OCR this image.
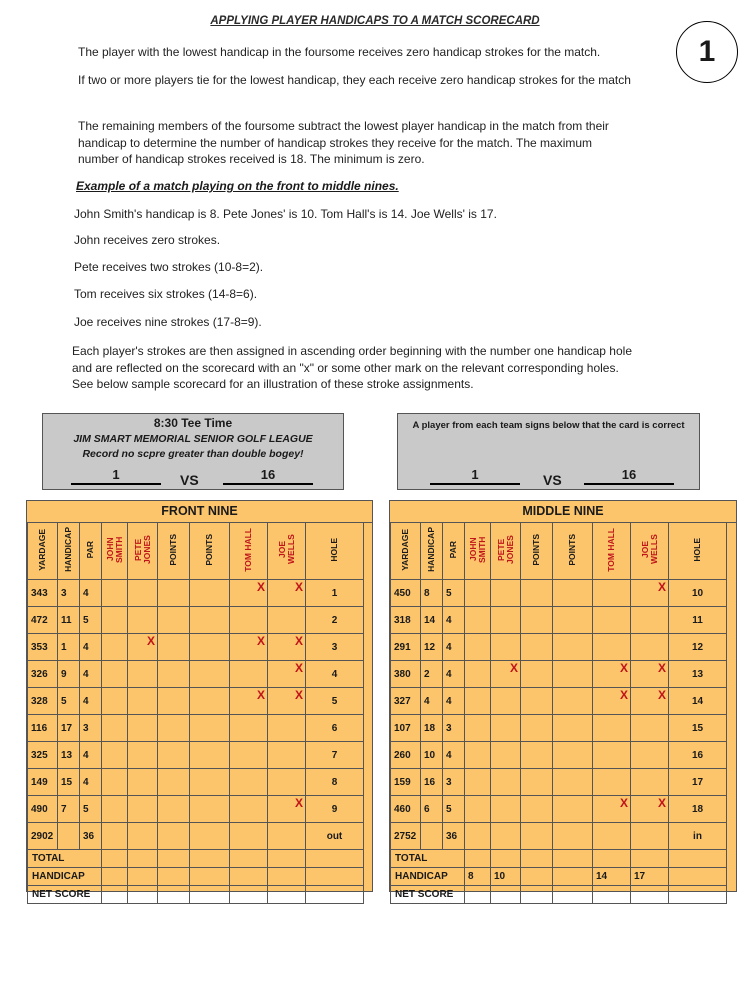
APPLYING PLAYER HANDICAPS TO A MATCH SCORECARD
1
The player with the lowest handicap in the foursome receives zero handicap strokes for the match.
If two or more players tie for the lowest handicap, they each receive zero handicap strokes for the match
The remaining members of the foursome subtract the lowest player handicap in the match from their handicap to determine the number of handicap strokes they receive for the match. The maximum number of handicap strokes received is 18. The minimum is zero.
Example of a match playing on the front to middle nines.
John Smith's handicap is 8. Pete Jones' is 10. Tom Hall's is 14. Joe Wells' is 17.
John receives zero strokes.
Pete receives two strokes (10-8=2).
Tom receives six strokes (14-8=6).
Joe receives nine strokes (17-8=9).
Each player's strokes are then assigned in ascending order beginning with the number one handicap hole and are reflected on the scorecard with an "x" or some other mark on the relevant corresponding holes. See below sample scorecard for an illustration of these stroke assignments.
8:30 Tee Time
JIM SMART MEMORIAL SENIOR GOLF LEAGUE
Record no scpre greater than double bogey!
1	VS	16
A player from each team signs below that the card is correct
1	VS	16
FRONT NINE
YARDAGE	HANDICAP	PAR	JOHN SMITH	PETE JONES	POINTS	POINTS	TOM HALL	JOE WELLS	HOLE

343	3	4					X	X	1
472	11	5							2
353	1	4		X			X	X	3
326	9	4						X	4
328	5	4					X	X	5
116	17	3							6
325	13	4							7
149	15	4							8
490	7	5						X	9
2902		36							out
TOTAL									
HANDICAP									
NET SCORE									
MIDDLE NINE
YARDAGE	HANDICAP	PAR	JOHN SMITH	PETE JONES	POINTS	POINTS	TOM HALL	JOE WELLS	HOLE

450	8	5						X	10
318	14	4							11
291	12	4							12
380	2	4		X			X	X	13
327	4	4					X	X	14
107	18	3							15
260	10	4							16
159	16	3							17
460	6	5					X	X	18
2752		36							in
TOTAL									
HANDICAP			8	10			14	17	
NET SCORE									
